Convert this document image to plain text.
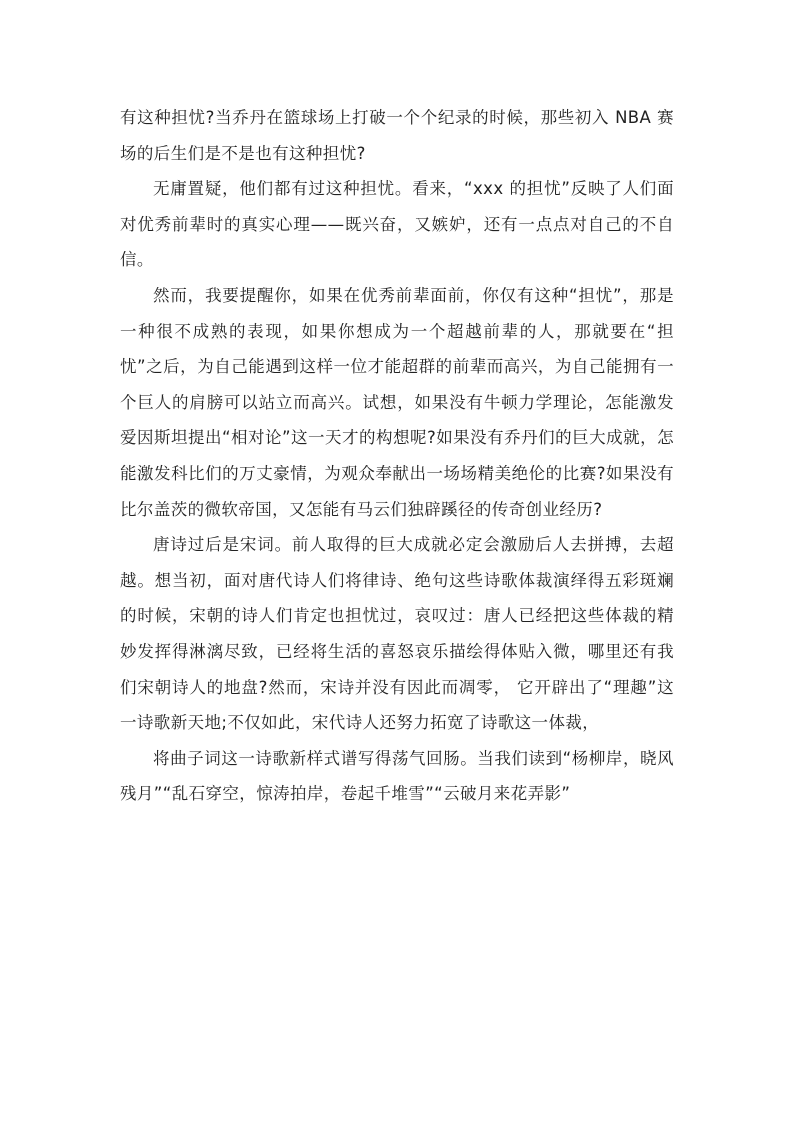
有这种担忧?当乔丹在篮球场上打破一个个纪录的时候，那些初入 NBA 赛场的后生们是不是也有这种担忧?

无庸置疑，他们都有过这种担忧。看来，“xxx 的担忧”反映了人们面对优秀前辈时的真实心理——既兴奋，又嫉妒，还有一点点对自己的不自信。

然而，我要提醒你，如果在优秀前辈面前，你仅有这种“担忧”，那是一种很不成熟的表现，如果你想成为一个超越前辈的人，那就要在“担忧”之后，为自己能遇到这样一位才能超群的前辈而高兴，为自己能拥有一个巨人的肩膀可以站立而高兴。试想，如果没有牛顿力学理论，怎能激发爱因斯坦提出“相对论”这一天才的构想呢?如果没有乔丹们的巨大成就，怎能激发科比们的万丈豪情，为观众奉献出一场场精美绝伦的比赛?如果没有比尔盖茨的微软帝国，又怎能有马云们独辟蹊径的传奇创业经历?

唐诗过后是宋词。前人取得的巨大成就必定会激励后人去拼搏，去超越。想当初，面对唐代诗人们将律诗、绝句这些诗歌体裁演绎得五彩斑斓的时候，宋朝的诗人们肯定也担忧过，哀叹过：唐人已经把这些体裁的精妙发挥得淋漓尽致，已经将生活的喜怒哀乐描绘得体贴入微，哪里还有我们宋朝诗人的地盘?然而，宋诗并没有因此而凋零， 它开辟出了“理趣”这一诗歌新天地;不仅如此，宋代诗人还努力拓宽了诗歌这一体裁，

将曲子词这一诗歌新样式谱写得荡气回肠。当我们读到“杨柳岸，晓风残月”“乱石穿空，惊涛拍岸，卷起千堆雪”“云破月来花弄影”
